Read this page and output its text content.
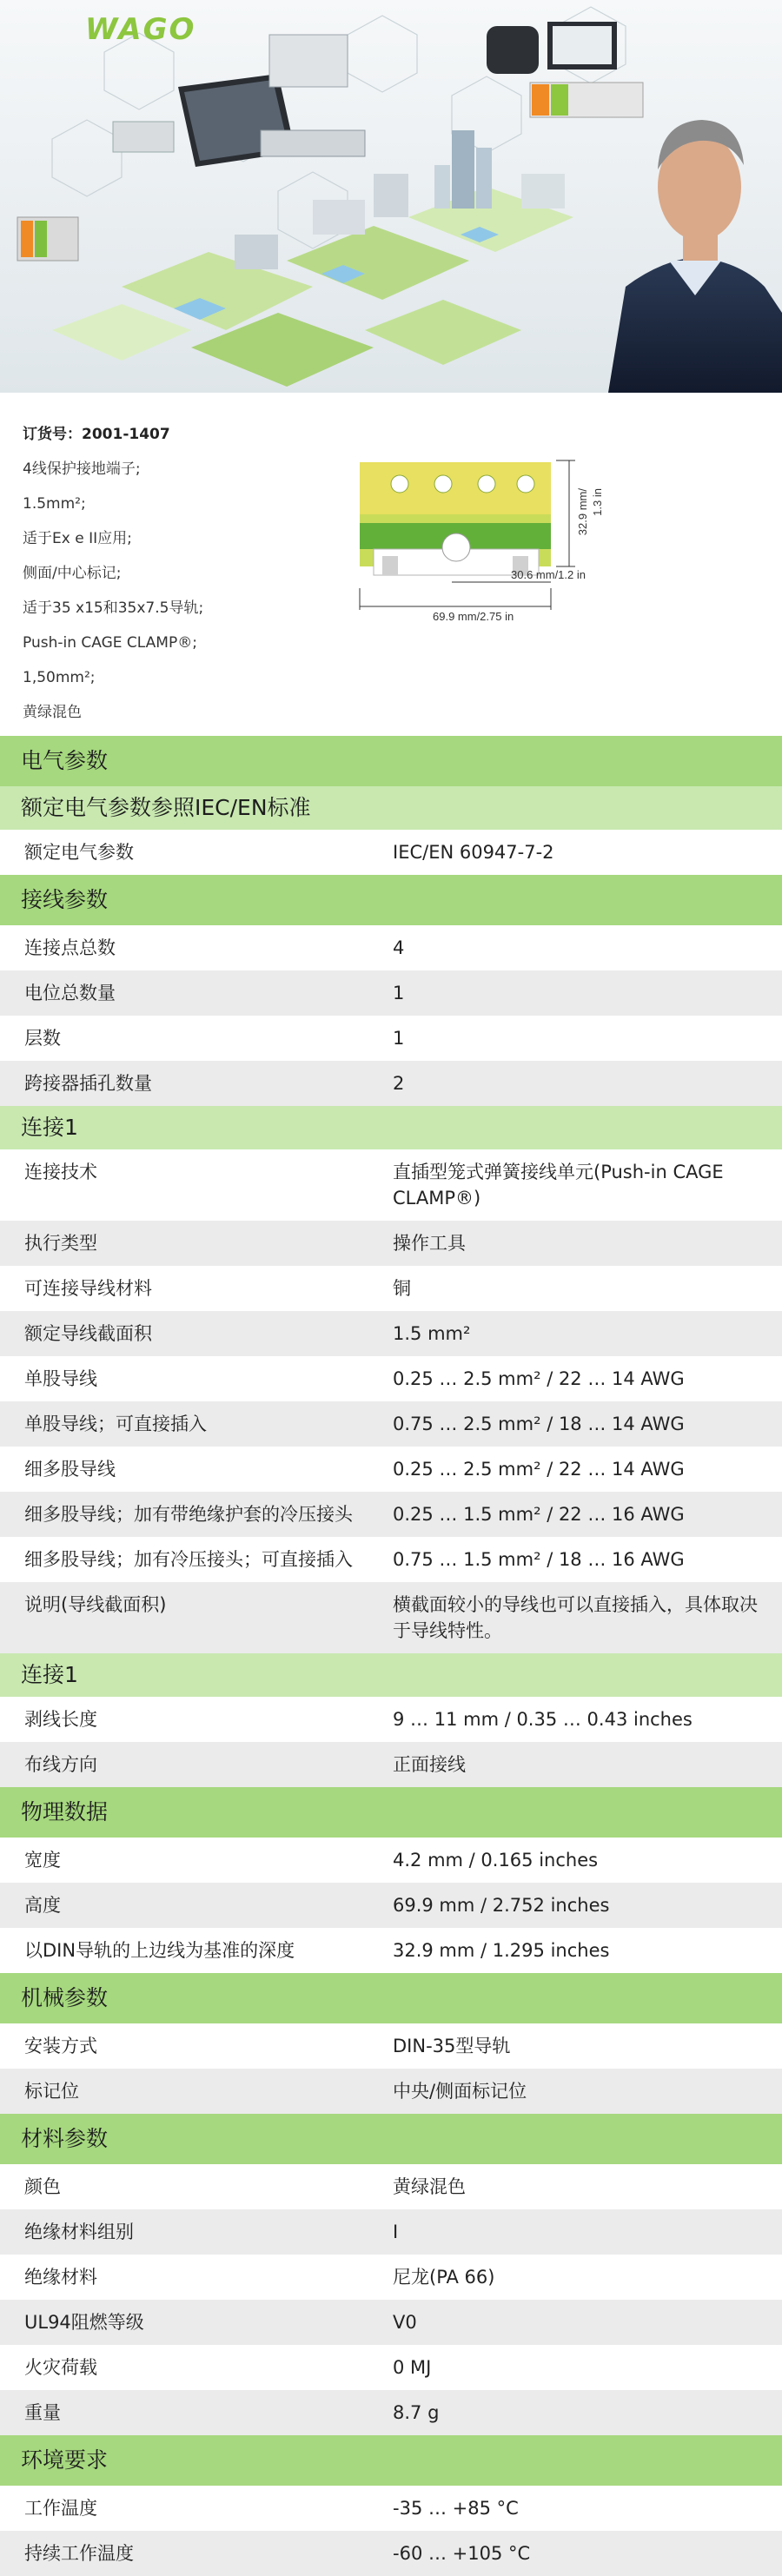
WAGO
订货号：2001-1407
4线保护接地端子;
1.5mm²;
适于Ex e II应用;
侧面/中心标记;
适于35 x15和35x7.5导轨;
Push-in CAGE CLAMP®;
1,50mm²;
黄绿混色
30.6 mm/1.2 in
69.9 mm/2.75 in
32.9 mm/ 1.3 in
电气参数
额定电气参数参照IEC/EN标准
额定电气参数	IEC/EN 60947-7-2
接线参数
连接点总数	4
电位总数量	1
层数	1
跨接器插孔数量	2
连接1
连接技术	直插型笼式弹簧接线单元(Push-in CAGE CLAMP®)
执行类型	操作工具
可连接导线材料	铜
额定导线截面积	1.5 mm²
单股导线	0.25 … 2.5 mm² / 22 … 14 AWG
单股导线；可直接插入	0.75 … 2.5 mm² / 18 … 14 AWG
细多股导线	0.25 … 2.5 mm² / 22 … 14 AWG
细多股导线；加有带绝缘护套的冷压接头	0.25 … 1.5 mm² / 22 … 16 AWG
细多股导线；加有冷压接头；可直接插入	0.75 … 1.5 mm² / 18 … 16 AWG
说明(导线截面积)	横截面较小的导线也可以直接插入，具体取决于导线特性。
连接1
剥线长度	9 … 11 mm / 0.35 … 0.43 inches
布线方向	正面接线
物理数据
宽度	4.2 mm / 0.165 inches
高度	69.9 mm / 2.752 inches
以DIN导轨的上边线为基准的深度	32.9 mm / 1.295 inches
机械参数
安装方式	DIN-35型导轨
标记位	中央/侧面标记位
材料参数
颜色	黄绿混色
绝缘材料组别	I
绝缘材料	尼龙(PA 66)
UL94阻燃等级	V0
火灾荷载	0 MJ
重量	8.7 g
环境要求
工作温度	-35 … +85 °C
持续工作温度	-60 … +105 °C
